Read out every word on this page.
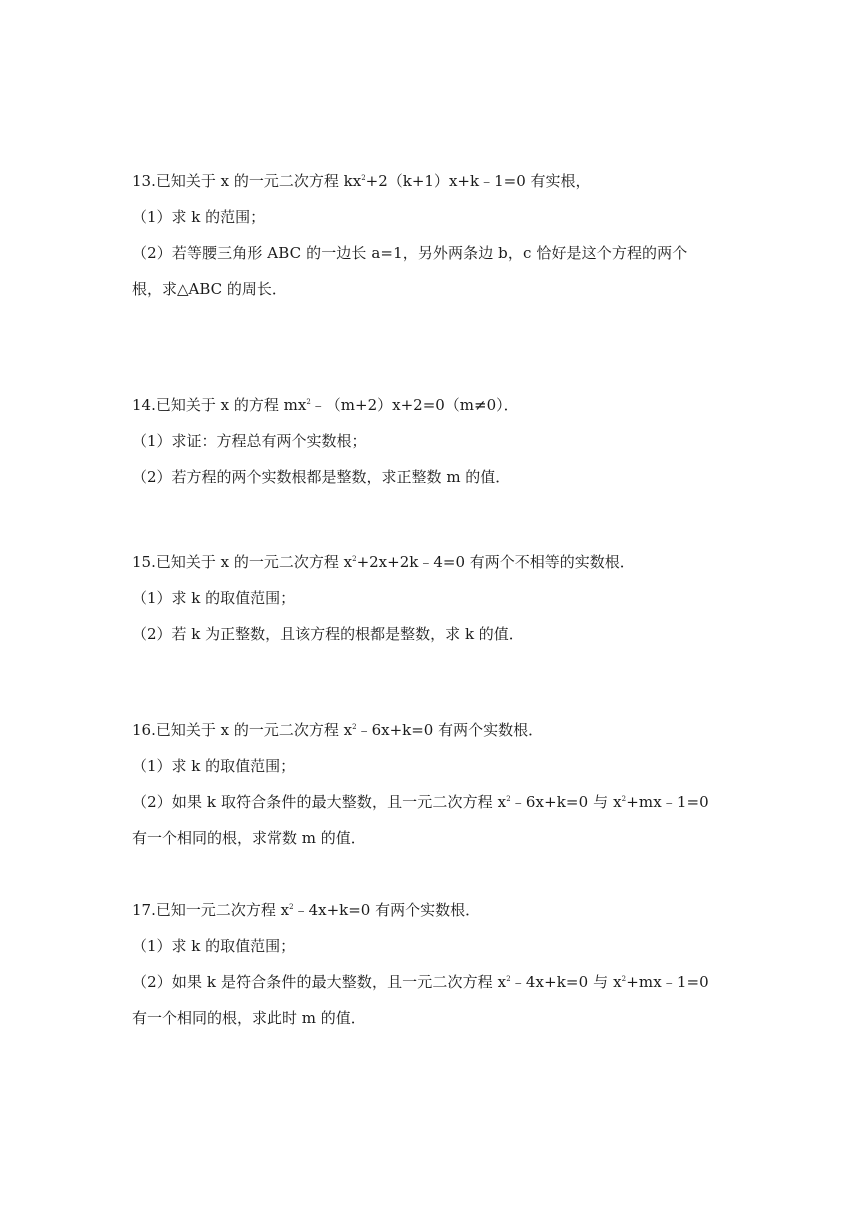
13.已知关于 x 的一元二次方程 $kx^2+2(k+1)x+k﹣1=0$ 有实根，
（1）求 k 的范围；
（2）若等腰三角形 ABC 的一边长 a=1，另外两条边 b，c 恰好是这个方程的两个
根，求△ABC 的周长．
14.已知关于 x 的方程 $mx^2﹣(m+2)x+2=0(m\ne 0)$．
（1）求证：方程总有两个实数根；
（2）若方程的两个实数根都是整数，求正整数 m 的值．
15.已知关于 x 的一元二次方程 $x^2+2x+2k﹣4=0$ 有两个不相等的实数根．
（1）求 k 的取值范围；
（2）若 k 为正整数，且该方程的根都是整数，求 k 的值．
16.已知关于 x 的一元二次方程 $x^2﹣6x+k=0$ 有两个实数根．
（1）求 k 的取值范围；
（2）如果 k 取符合条件的最大整数，且一元二次方程 $x^2﹣6x+k=0$ 与 $x^2+mx﹣1=0$
有一个相同的根，求常数 m 的值．
17.已知一元二次方程 $x^2﹣4x+k=0$ 有两个实数根．
（1）求 k 的取值范围；
（2）如果 k 是符合条件的最大整数，且一元二次方程 $x^2﹣4x+k=0$ 与 $x^2+mx﹣1=0$
有一个相同的根，求此时 m 的值．
